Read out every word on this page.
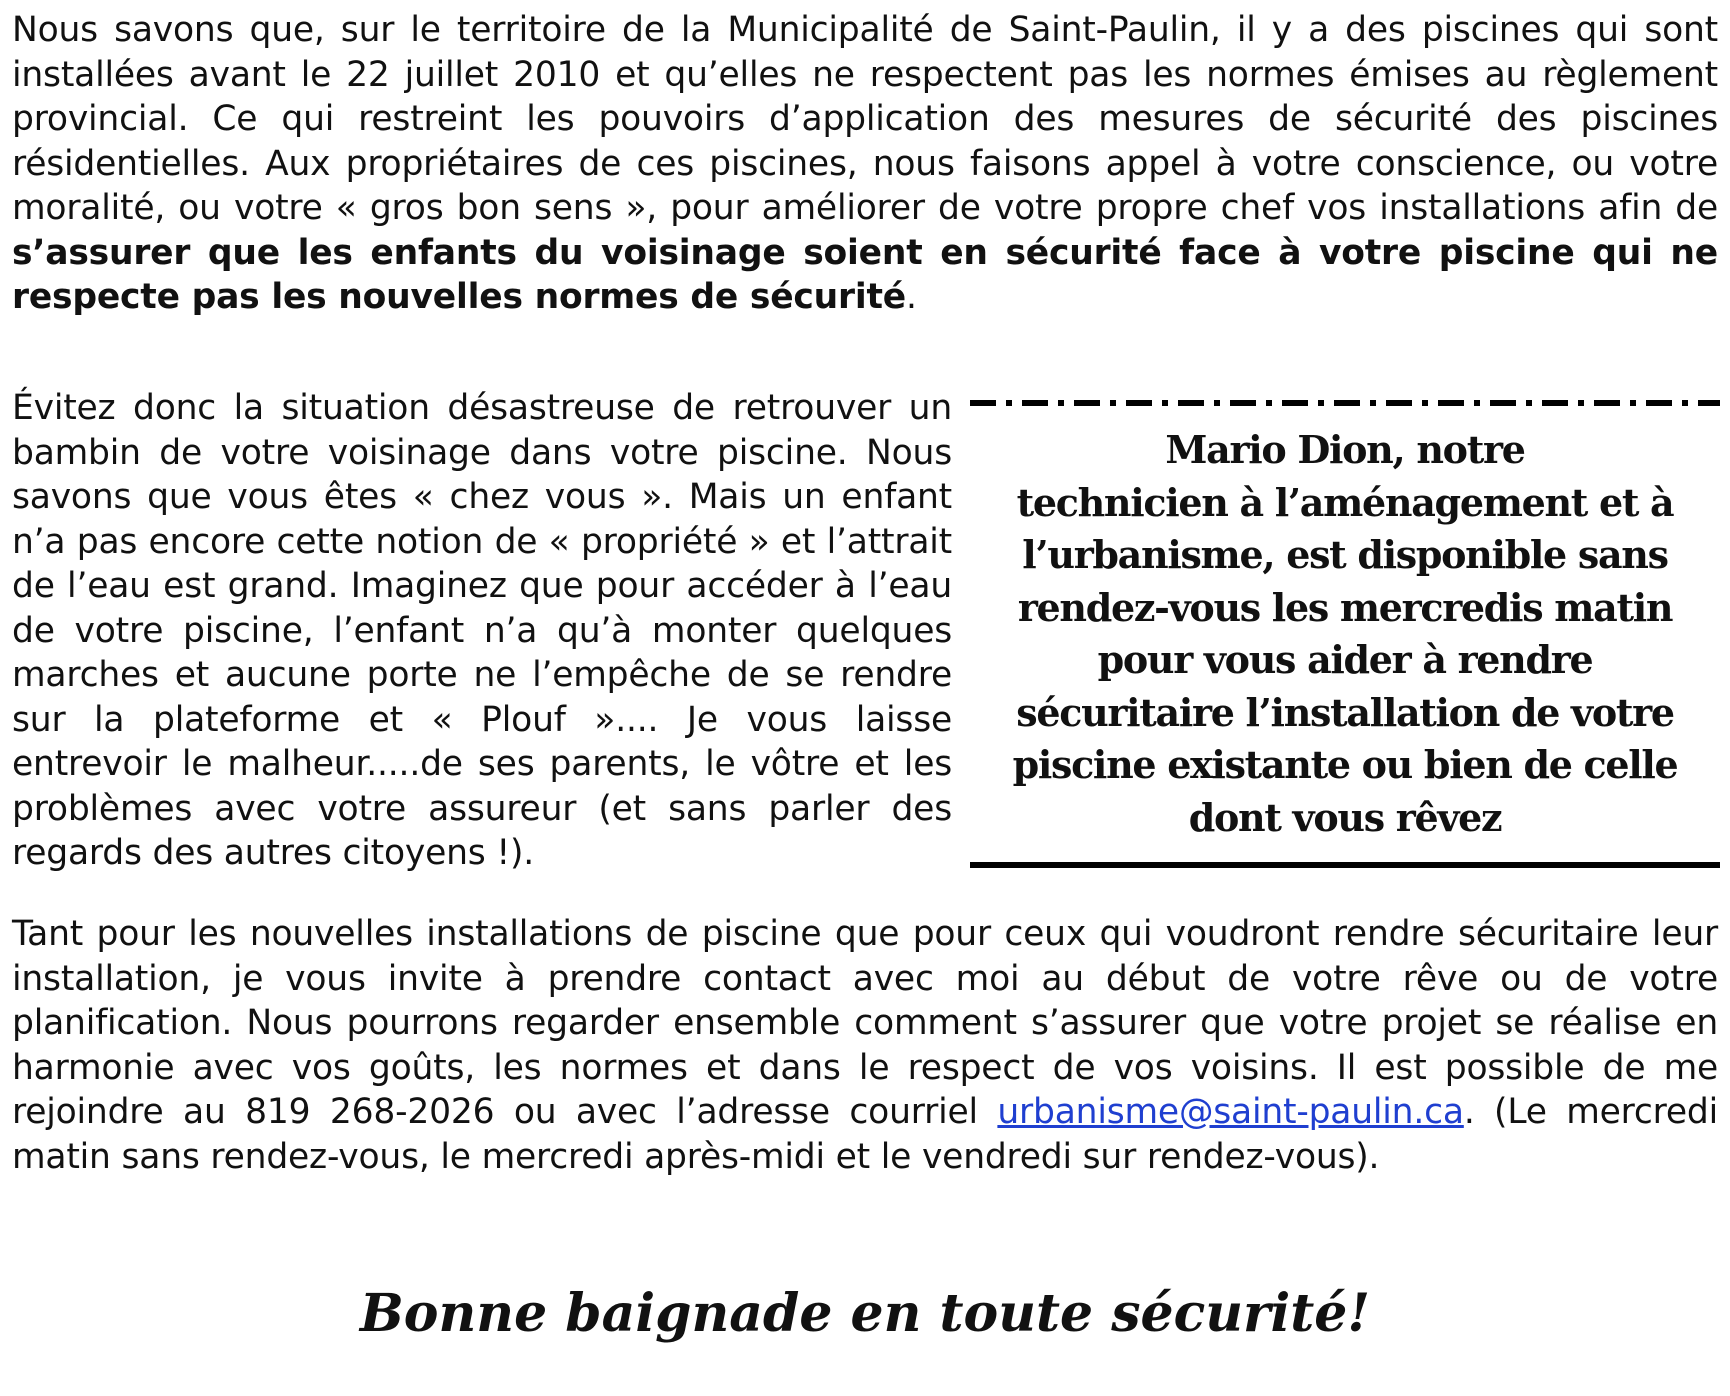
Nous savons que, sur le territoire de la Municipalité de Saint-Paulin, il y a des piscines qui sont installées avant le 22 juillet 2010 et qu’elles ne respectent pas les normes émises au règlement provincial. Ce qui restreint les pouvoirs d’application des mesures de sécurité des piscines résidentielles. Aux propriétaires de ces piscines, nous faisons appel à votre conscience, ou votre moralité, ou votre « gros bon sens », pour améliorer de votre propre chef vos installations afin de s’assurer que les enfants du voisinage soient en sécurité face à votre piscine qui ne respecte pas les nouvelles normes de sécurité.

Évitez donc la situation désastreuse de retrouver un bambin de votre voisinage dans votre piscine. Nous savons que vous êtes « chez vous ». Mais un enfant n’a pas encore cette notion de « propriété » et l’attrait de l’eau est grand. Imaginez que pour accéder à l’eau de votre piscine, l’enfant n’a qu’à monter quelques marches et aucune porte ne l’empêche de se rendre sur la plateforme et « Plouf ».... Je vous laisse entrevoir le malheur.....de ses parents, le vôtre et les problèmes avec votre assureur (et sans parler des regards des autres citoyens !).

Mario Dion, notre
technicien à l’aménagement et à
l’urbanisme, est disponible sans
rendez-vous les mercredis matin
pour vous aider à rendre
sécuritaire l’installation de votre
piscine existante ou bien de celle
dont vous rêvez

Tant pour les nouvelles installations de piscine que pour ceux qui voudront rendre sécuritaire leur installation, je vous invite à prendre contact avec moi au début de votre rêve ou de votre planification. Nous pourrons regarder ensemble comment s’assurer que votre projet se réalise en harmonie avec vos goûts, les normes et dans le respect de vos voisins. Il est possible de me rejoindre au 819 268-2026 ou avec l’adresse courriel urbanisme@saint-paulin.ca. (Le mercredi matin sans rendez-vous, le mercredi après-midi et le vendredi sur rendez-vous).

Bonne baignade en toute sécurité!
